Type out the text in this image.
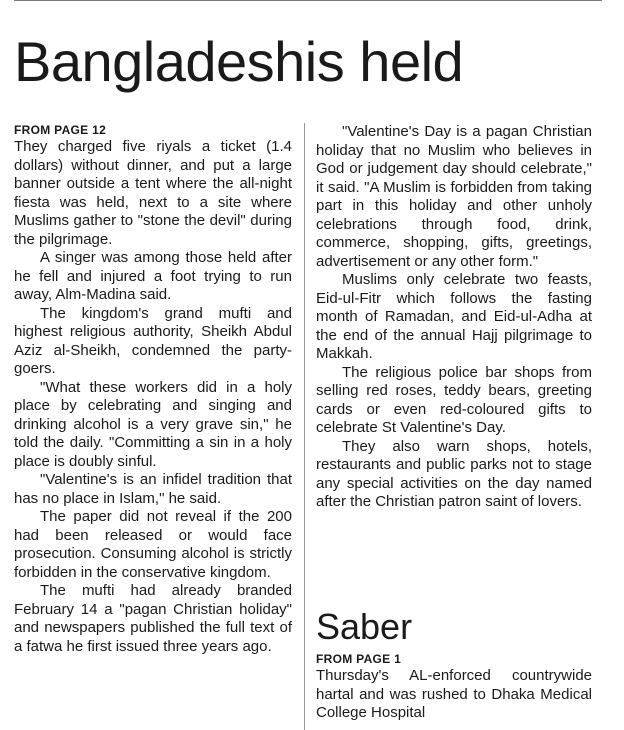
Bangladeshis held
FROM PAGE 12

They charged five riyals a ticket (1.4 dollars) without dinner, and put a large banner outside a tent where the all-night fiesta was held, next to a site where Muslims gather to "stone the devil" during the pilgrimage.

A singer was among those held after he fell and injured a foot trying to run away, Alm-Madina said.

The kingdom's grand mufti and highest religious authority, Sheikh Abdul Aziz al-Sheikh, condemned the party-goers.

"What these workers did in a holy place by celebrating and singing and drinking alcohol is a very grave sin," he told the daily. "Committing a sin in a holy place is doubly sinful.

"Valentine's is an infidel tradition that has no place in Islam," he said.

The paper did not reveal if the 200 had been released or would face prosecution. Consuming alcohol is strictly forbidden in the conservative kingdom.

The mufti had already branded February 14 a "pagan Christian holiday" and newspapers published the full text of a fatwa he first issued three years ago.

"Valentine's Day is a pagan Christian holiday that no Muslim who believes in God or judgement day should celebrate," it said. "A Muslim is forbidden from taking part in this holiday and other unholy celebrations through food, drink, commerce, shopping, gifts, greetings, advertisement or any other form."

Muslims only celebrate two feasts, Eid-ul-Fitr which follows the fasting month of Ramadan, and Eid-ul-Adha at the end of the annual Hajj pilgrimage to Makkah.

The religious police bar shops from selling red roses, teddy bears, greeting cards or even red-coloured gifts to celebrate St Valentine's Day.

They also warn shops, hotels, restaurants and public parks not to stage any special activities on the day named after the Christian patron saint of lovers.

Saber
FROM PAGE 1

Thursday's AL-enforced countrywide hartal and was rushed to Dhaka Medical College Hospital
